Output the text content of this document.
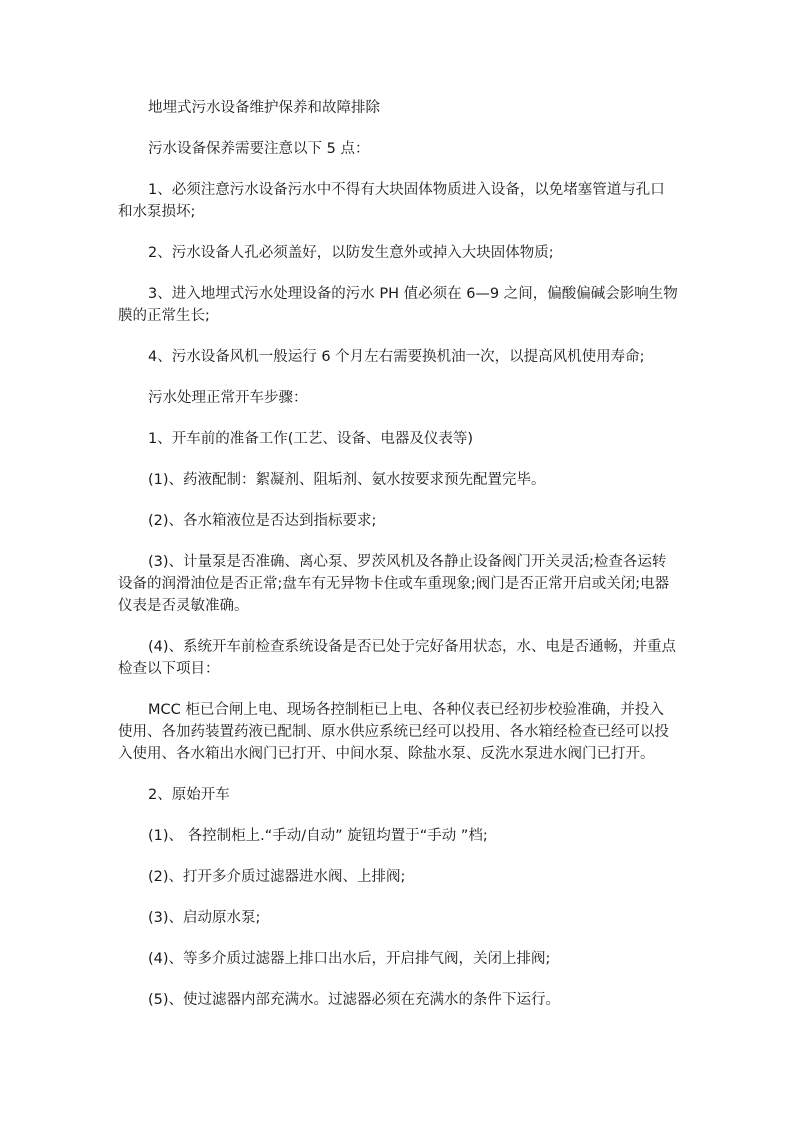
地埋式污水设备维护保养和故障排除

污水设备保养需要注意以下 5 点：

1、必须注意污水设备污水中不得有大块固体物质进入设备，以免堵塞管道与孔口和水泵损坏;

2、污水设备人孔必须盖好，以防发生意外或掉入大块固体物质;

3、进入地埋式污水处理设备的污水 PH 值必须在 6—9 之间，偏酸偏碱会影响生物膜的正常生长;

4、污水设备风机一般运行 6 个月左右需要换机油一次，以提高风机使用寿命;

污水处理正常开车步骤：

1、开车前的准备工作(工艺、设备、电器及仪表等)

(1)、药液配制：絮凝剂、阻垢剂、氨水按要求预先配置完毕。

(2)、各水箱液位是否达到指标要求;

(3)、计量泵是否准确、离心泵、罗茨风机及各静止设备阀门开关灵活;检查各运转设备的润滑油位是否正常;盘车有无异物卡住或车重现象;阀门是否正常开启或关闭;电器仪表是否灵敏准确。

(4)、系统开车前检查系统设备是否已处于完好备用状态，水、电是否通畅，并重点检查以下项目：

MCC 柜已合闸上电、现场各控制柜已上电、各种仪表已经初步校验准确，并投入使用、各加药装置药液已配制、原水供应系统已经可以投用、各水箱经检查已经可以投入使用、各水箱出水阀门已打开、中间水泵、除盐水泵、反洗水泵进水阀门已打开。

2、原始开车

(1)、 各控制柜上.“手动/自动” 旋钮均置于“手动 ”档;

(2)、打开多介质过滤器进水阀、上排阀;

(3)、启动原水泵;

(4)、等多介质过滤器上排口出水后，开启排气阀，关闭上排阀;

(5)、使过滤器内部充满水。过滤器必须在充满水的条件下运行。
